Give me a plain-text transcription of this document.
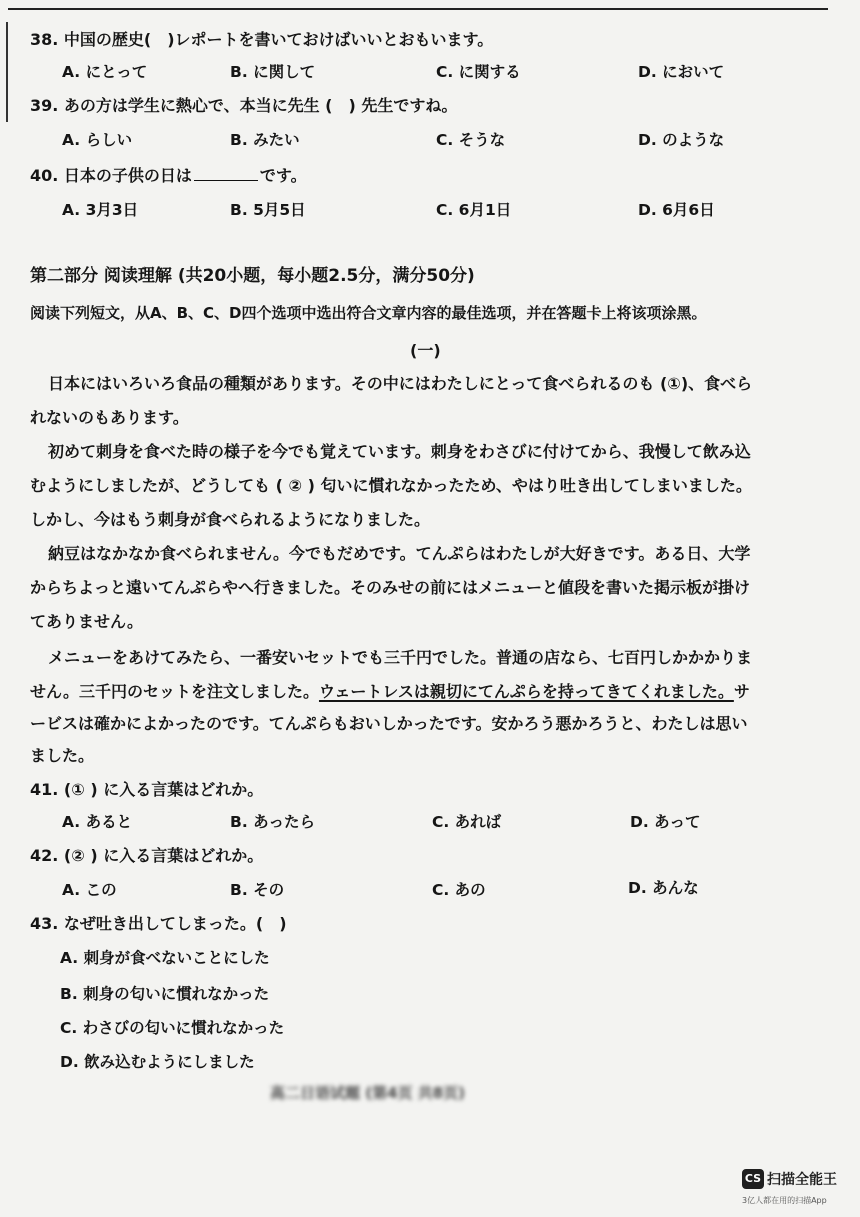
38. 中国の歴史(　)レポートを書いておけばいいとおもいます。
A. にとって	B. に関して	C. に関する	D. において
39. あの方は学生に熱心で、本当に先生 (　) 先生ですね。
A. らしい	B. みたい	C. そうな	D. のような
40. 日本の子供の日は	です。
A. 3月3日	B. 5月5日	C. 6月1日	D. 6月6日
第二部分 阅读理解 (共20小题，每小题2.5分，满分50分)
阅读下列短文，从A、B、C、D四个选项中选出符合文章内容的最佳选项，并在答题卡上将该项涂黑。
(一)
日本にはいろいろ食品の種類があります。その中にはわたしにとって食べられるのも (①)、食べら
れないのもあります。
初めて刺身を食べた時の様子を今でも覚えています。刺身をわさびに付けてから、我慢して飲み込
むようにしましたが、どうしても ( ② ) 匂いに慣れなかったため、やはり吐き出してしまいました。
しかし、今はもう刺身が食べられるようになりました。
納豆はなかなか食べられません。今でもだめです。てんぷらはわたしが大好きです。ある日、大学
からちよっと遠いてんぷらやへ行きました。そのみせの前にはメニューと値段を書いた掲示板が掛け
てありません。
メニューをあけてみたら、一番安いセットでも三千円でした。普通の店なら、七百円しかかかりま
せん。三千円のセットを注文しました。ウェートレスは親切にてんぷらを持ってきてくれました。サ
ービスは確かによかったのです。てんぷらもおいしかったです。安かろう悪かろうと、わたしは思い
ました。
41. (① ) に入る言葉はどれか。
A. あると	B. あったら	C. あれば	D. あって
42. (② ) に入る言葉はどれか。
A. この	B. その	C. あの	D. あんな
43. なぜ吐き出してしまった。(　)
A. 刺身が食べないことにした
B. 刺身の匂いに慣れなかった
C. わさびの匂いに慣れなかった
D. 飲み込むようにしました
高二日语试题 (第4页 共8页)
CS 扫描全能王
3亿人都在用的扫描App
